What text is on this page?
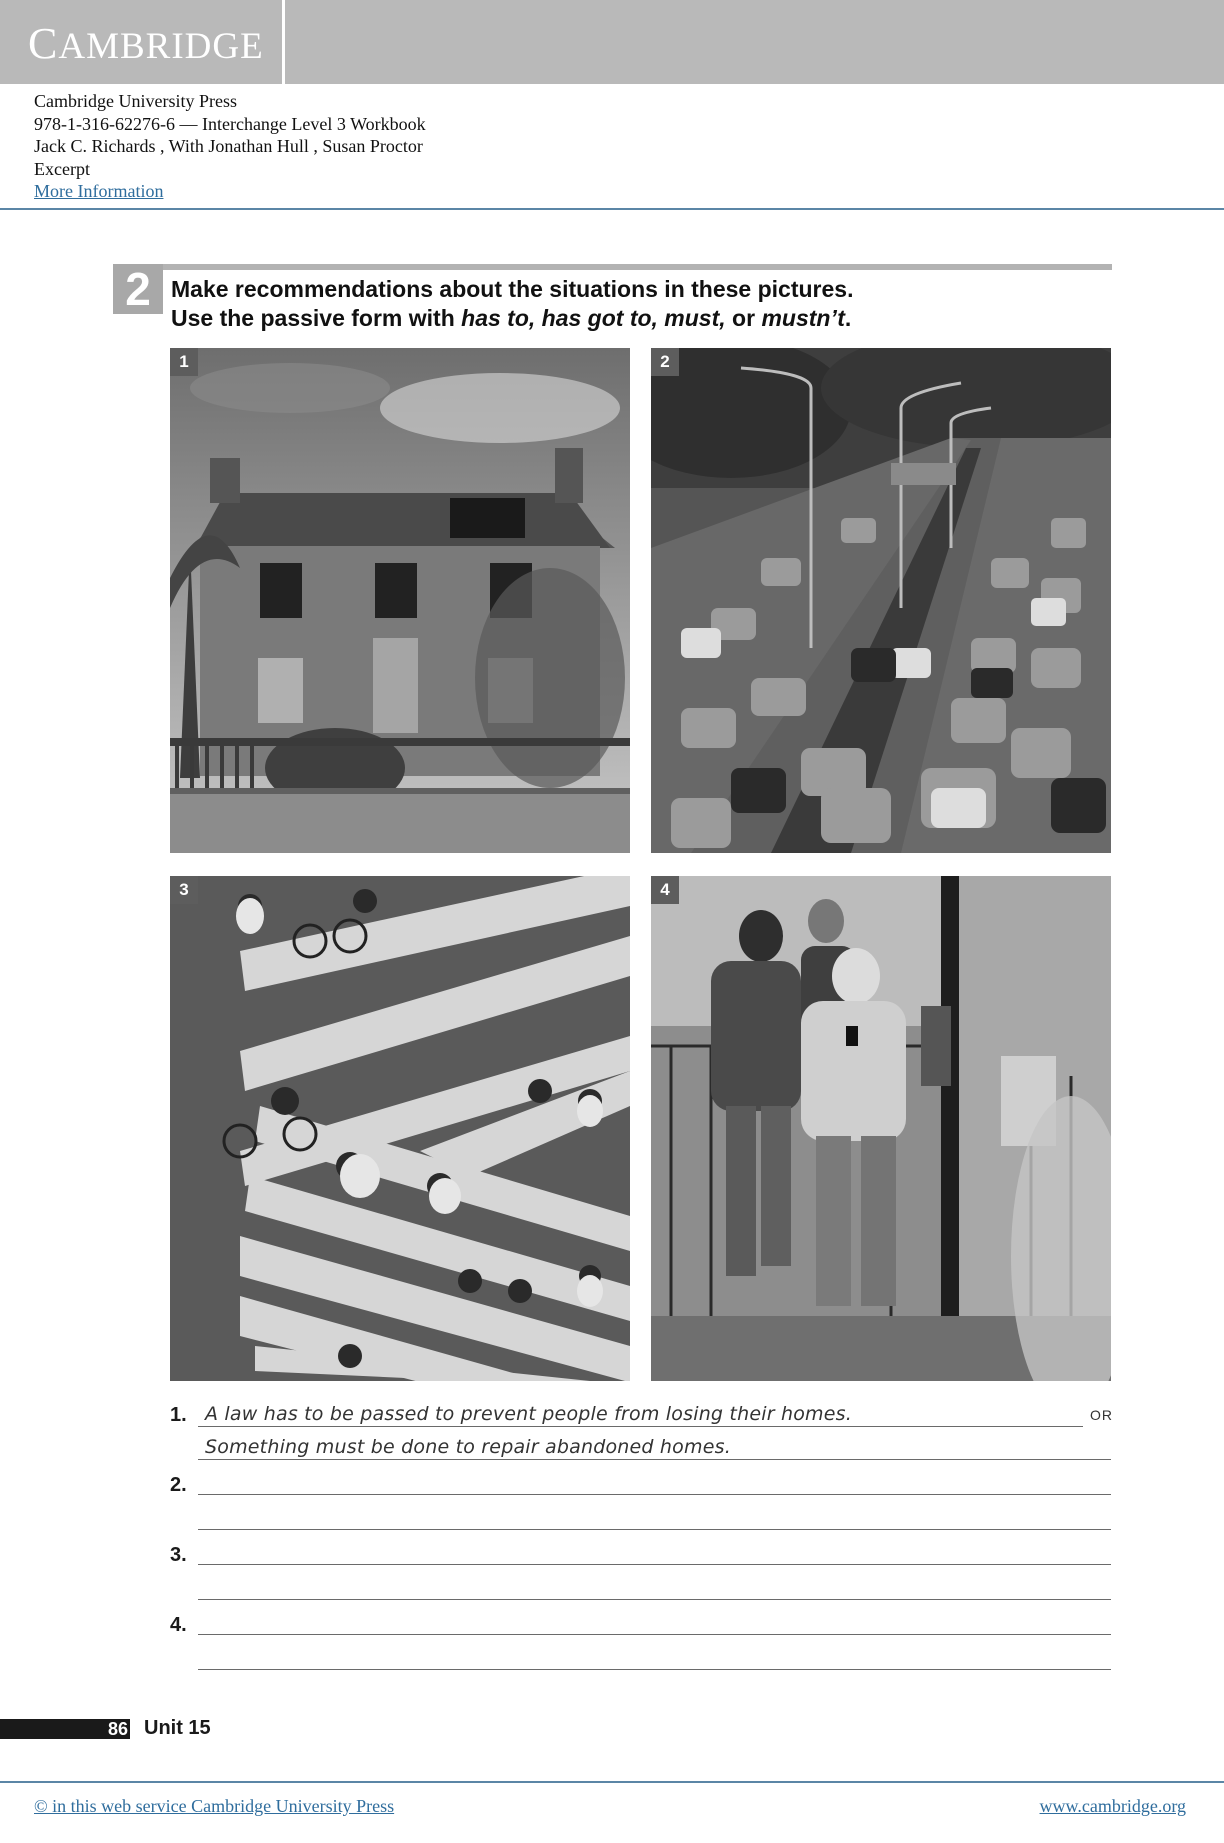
CAMBRIDGE
Cambridge University Press
978-1-316-62276-6 — Interchange Level 3 Workbook
Jack C. Richards , With Jonathan Hull , Susan Proctor
Excerpt
More Information
2 Make recommendations about the situations in these pictures.
Use the passive form with has to, has got to, must, or mustn’t.
1	2
3	4
1. A law has to be passed to prevent people from losing their homes.	OR
Something must be done to repair abandoned homes.
2.
3.
4.
86 Unit 15
© in this web service Cambridge University Press	www.cambridge.org
